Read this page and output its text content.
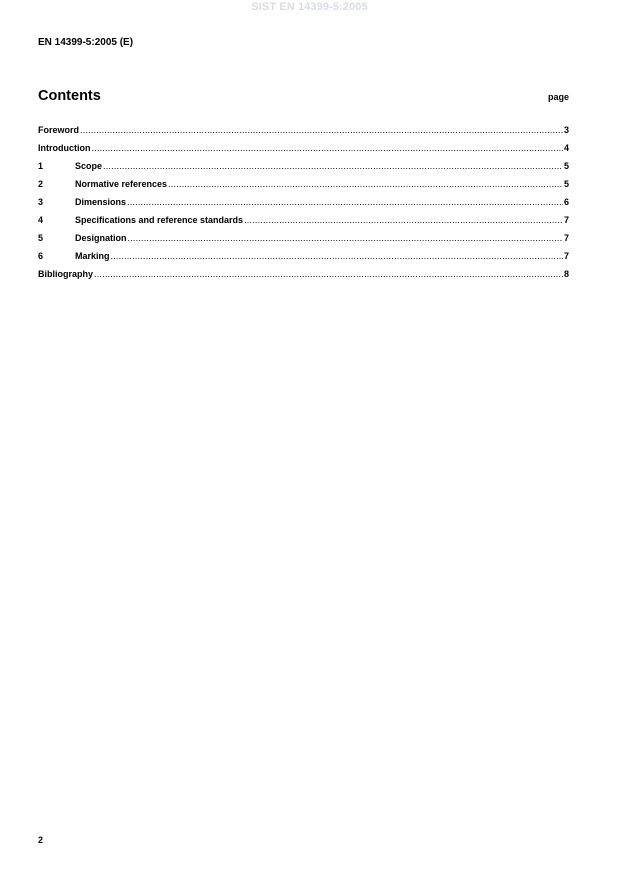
SIST EN 14399-5:2005
EN 14399-5:2005 (E)
Contents	page
Foreword .....	3
Introduction .....	4
1	Scope .....	5
2	Normative references .....	5
3	Dimensions .....	6
4	Specifications and reference standards .....	7
5	Designation .....	7
6	Marking .....	7
Bibliography .....	8
2
